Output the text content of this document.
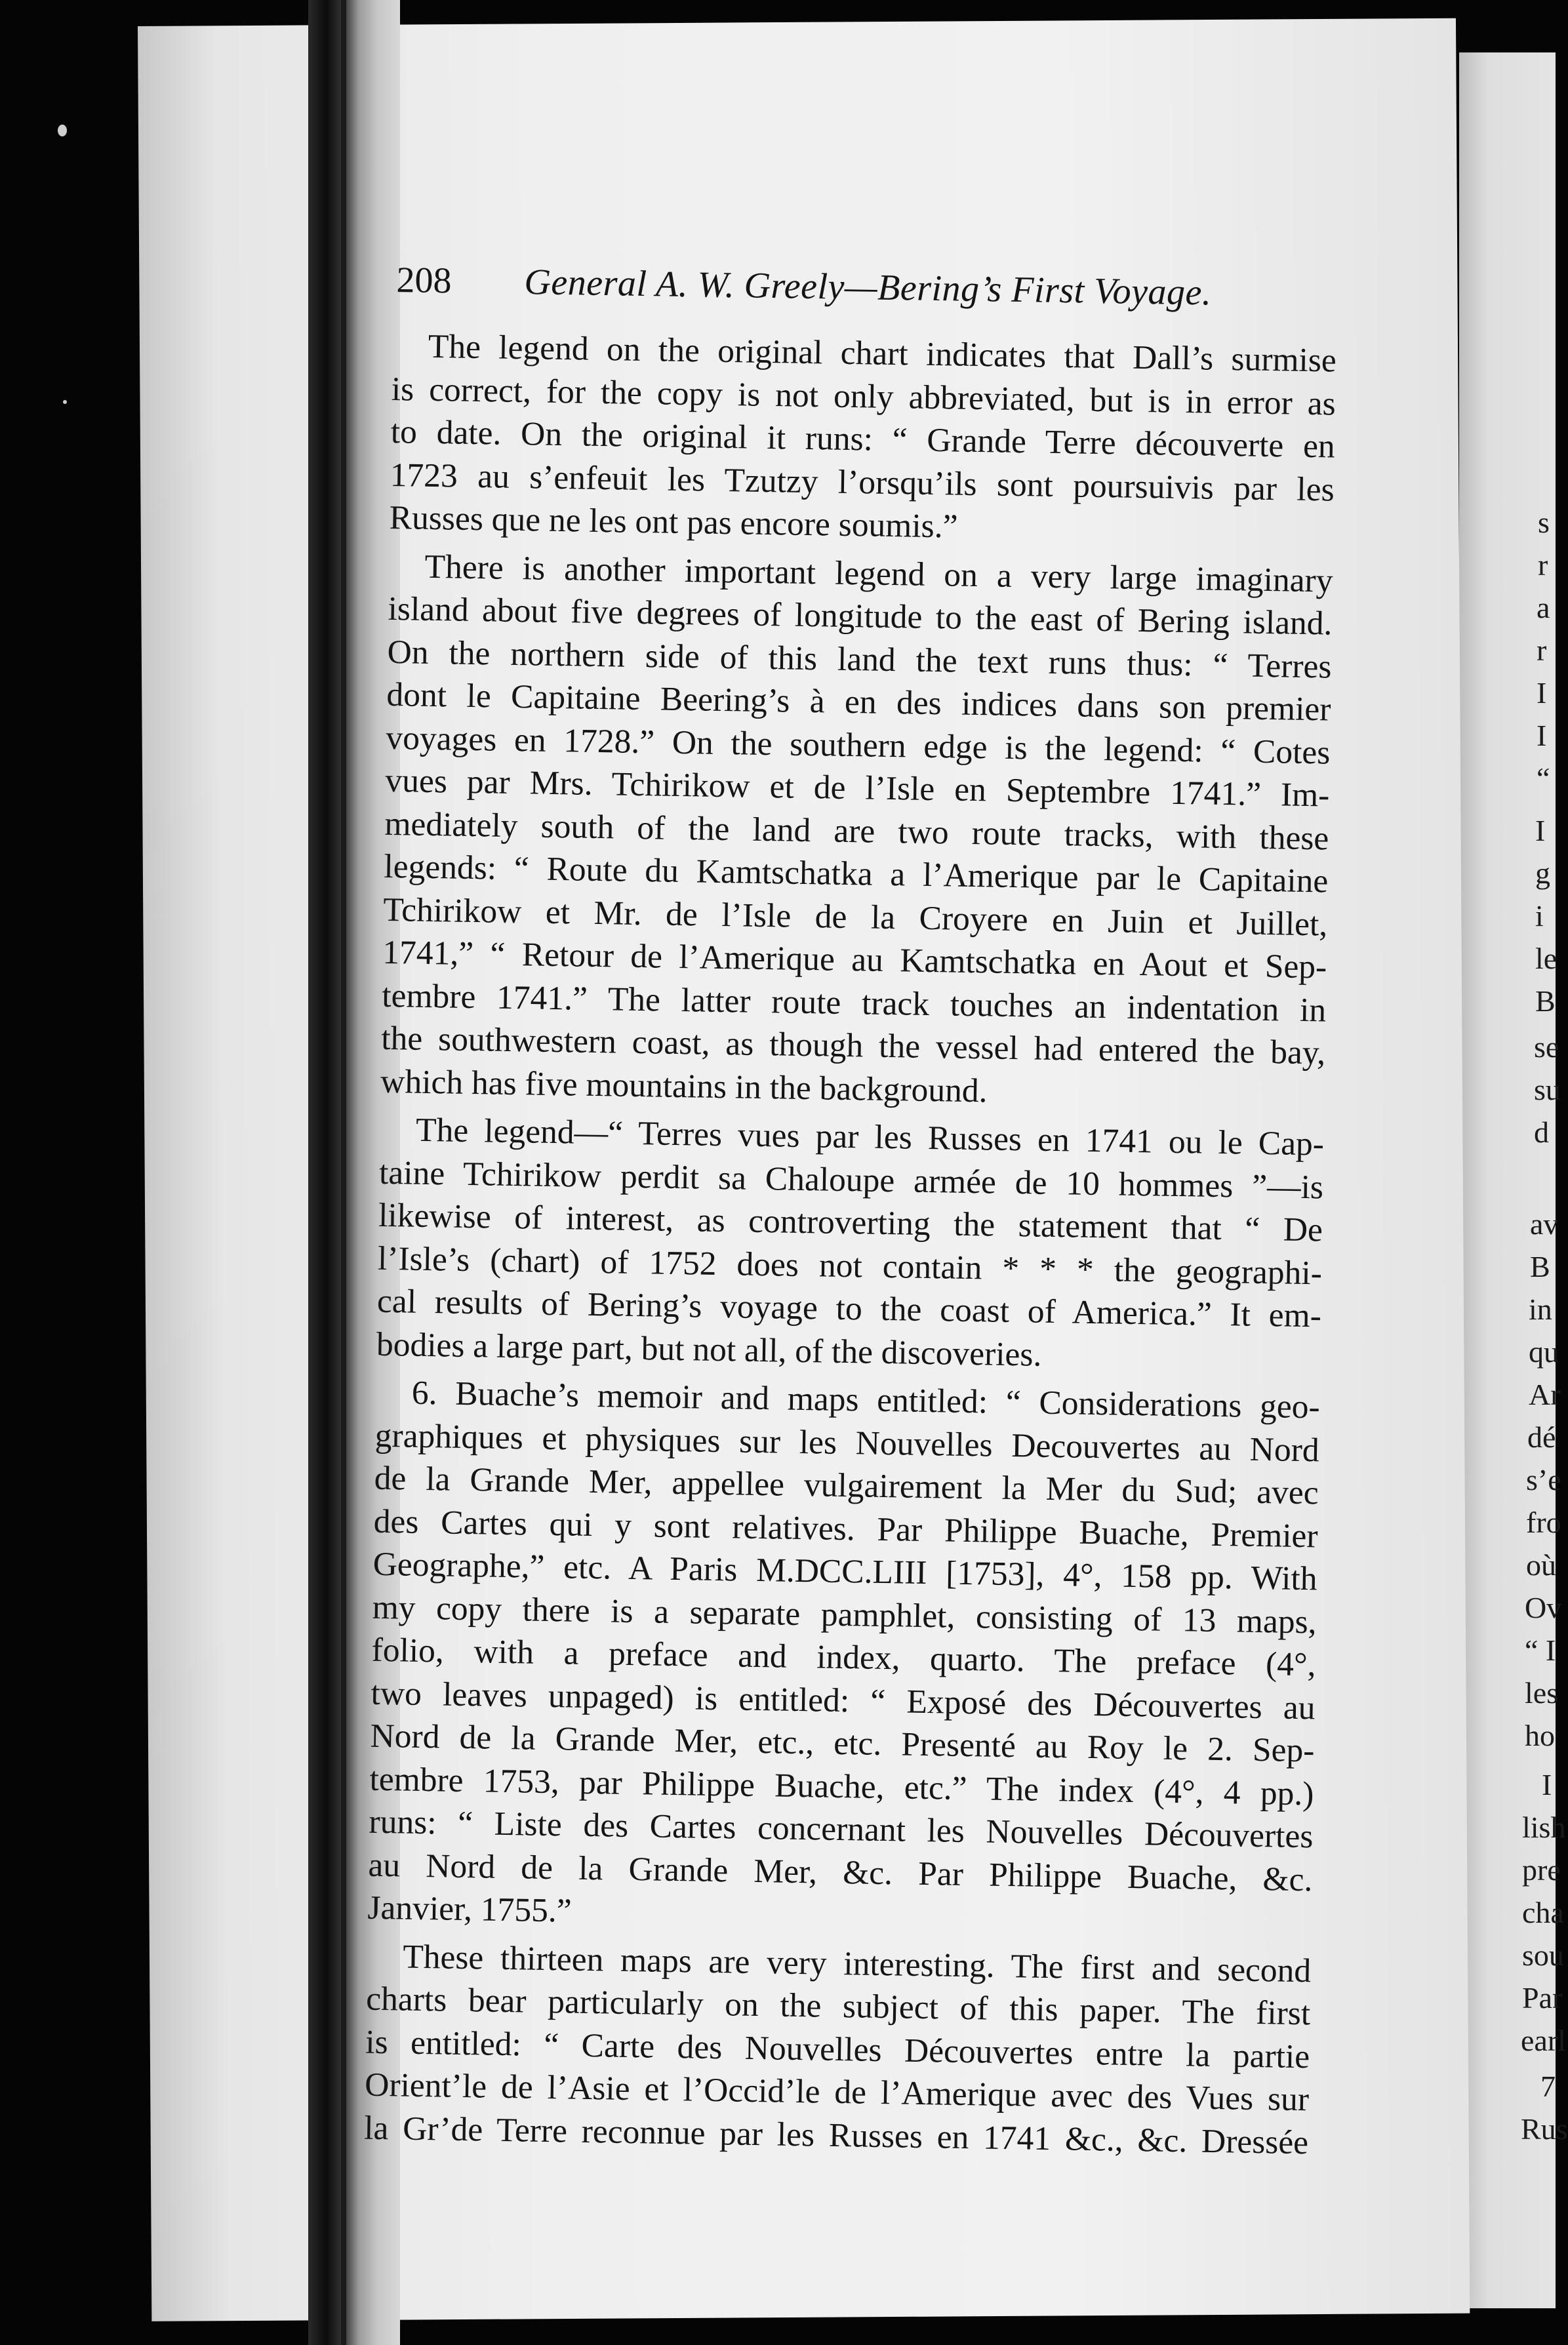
s
r
a
r
I
I
“
I
g
i
le
B
se
su
d
av
B
in
qu
Ar
dé
s’e
fro
où
Ov
“ I
les
ho
I
lish
pre
cha
sou
Par
earl
7
Rus
208 General A. W. Greely—Bering’s First Voyage.
The legend on the original chart indicates that Dall’s surmise
is correct, for the copy is not only abbreviated, but is in error as
to date. On the original it runs: “ Grande Terre découverte en
1723 au s’enfeuit les Tzutzy l’orsqu’ils sont poursuivis par les
Russes que ne les ont pas encore soumis.”
There is another important legend on a very large imaginary
island about five degrees of longitude to the east of Bering island.
On the northern side of this land the text runs thus: “ Terres
dont le Capitaine Beering’s à en des indices dans son premier
voyages en 1728.” On the southern edge is the legend: “ Cotes
vues par Mrs. Tchirikow et de l’Isle en Septembre 1741.” Im-
mediately south of the land are two route tracks, with these
legends: “ Route du Kamtschatka a l’Amerique par le Capitaine
Tchirikow et Mr. de l’Isle de la Croyere en Juin et Juillet,
1741,” “ Retour de l’Amerique au Kamtschatka en Aout et Sep-
tembre 1741.” The latter route track touches an indentation in
the southwestern coast, as though the vessel had entered the bay,
which has five mountains in the background.
The legend—“ Terres vues par les Russes en 1741 ou le Cap-
taine Tchirikow perdit sa Chaloupe armée de 10 hommes ”—is
likewise of interest, as controverting the statement that “ De
l’Isle’s (chart) of 1752 does not contain * * * the geographi-
cal results of Bering’s voyage to the coast of America.” It em-
bodies a large part, but not all, of the discoveries.
6. Buache’s memoir and maps entitled: “ Considerations geo-
graphiques et physiques sur les Nouvelles Decouvertes au Nord
de la Grande Mer, appellee vulgairement la Mer du Sud; avec
des Cartes qui y sont relatives. Par Philippe Buache, Premier
Geographe,” etc. A Paris M.DCC.LIII [1753], 4°, 158 pp. With
my copy there is a separate pamphlet, consisting of 13 maps,
folio, with a preface and index, quarto. The preface (4°,
two leaves unpaged) is entitled: “ Exposé des Découvertes au
Nord de la Grande Mer, etc., etc. Presenté au Roy le 2. Sep-
tembre 1753, par Philippe Buache, etc.” The index (4°, 4 pp.)
runs: “ Liste des Cartes concernant les Nouvelles Découvertes
au Nord de la Grande Mer, &c. Par Philippe Buache, &c.
Janvier, 1755.”
These thirteen maps are very interesting. The first and second
charts bear particularly on the subject of this paper. The first
is entitled: “ Carte des Nouvelles Découvertes entre la partie
Orient’le de l’Asie et l’Occid’le de l’Amerique avec des Vues sur
la Gr’de Terre reconnue par les Russes en 1741 &c., &c. Dressée
